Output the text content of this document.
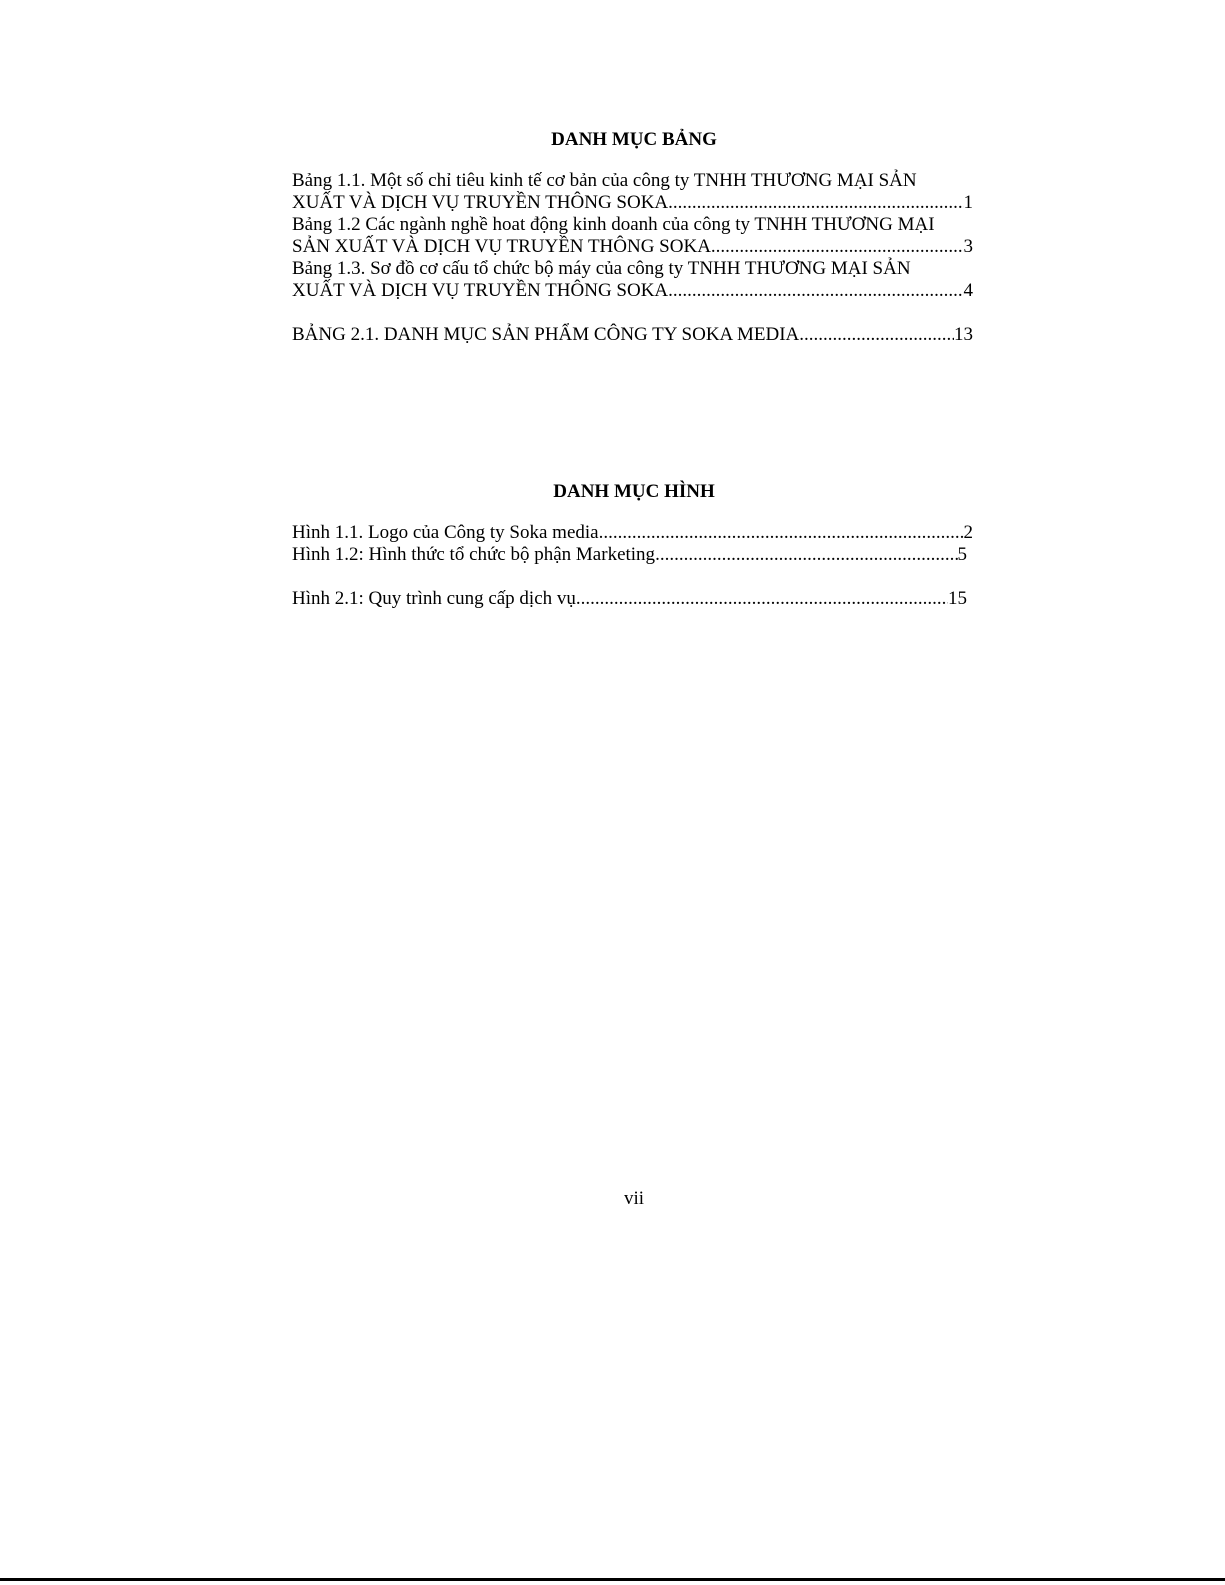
DANH MỤC BẢNG
Bảng 1.1. Một số chỉ tiêu kinh tế cơ bản của công ty TNHH THƯƠNG MẠI SẢN
XUẤT VÀ DỊCH VỤ TRUYỀN THÔNG SOKA .....	1
Bảng 1.2 Các ngành nghề hoat động kinh doanh của công ty TNHH THƯƠNG MẠI
SẢN XUẤT VÀ DỊCH VỤ TRUYỀN THÔNG SOKA .....	3
Bảng 1.3. Sơ đồ cơ cấu tổ chức bộ máy của công ty TNHH THƯƠNG MẠI SẢN
XUẤT VÀ DỊCH VỤ TRUYỀN THÔNG SOKA .....	4
BẢNG 2.1. DANH MỤC SẢN PHẨM CÔNG TY SOKA MEDIA .....	13
DANH MỤC HÌNH
Hình 1.1. Logo của Công ty Soka media .....	2
Hình 1.2: Hình thức tổ chức bộ phận Marketing .....	5
Hình 2.1: Quy trình cung cấp dịch vụ .....	15
vii
